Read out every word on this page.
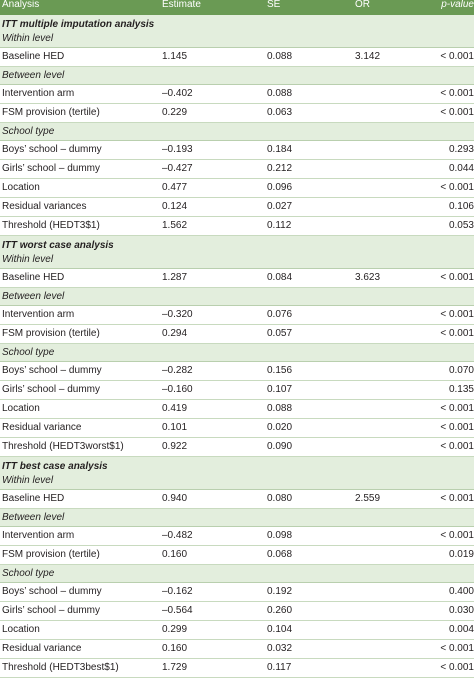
Analysis	Estimate	SE	OR	p-value
ITT multiple imputation analysis				
Within level				
Baseline HED	1.145	0.088	3.142	< 0.001
Between level				
Intervention arm	–0.402	0.088		< 0.001
FSM provision (tertile)	0.229	0.063		< 0.001
School type				
Boys’ school – dummy	–0.193	0.184		0.293
Girls’ school – dummy	–0.427	0.212		0.044
Location	0.477	0.096		< 0.001
Residual variances	0.124	0.027		0.106
Threshold (HEDT3$1)	1.562	0.112		0.053
ITT worst case analysis				
Within level				
Baseline HED	1.287	0.084	3.623	< 0.001
Between level				
Intervention arm	–0.320	0.076		< 0.001
FSM provision (tertile)	0.294	0.057		< 0.001
School type				
Boys’ school – dummy	–0.282	0.156		0.070
Girls’ school – dummy	–0.160	0.107		0.135
Location	0.419	0.088		< 0.001
Residual variance	0.101	0.020		< 0.001
Threshold (HEDT3worst$1)	0.922	0.090		< 0.001
ITT best case analysis				
Within level				
Baseline HED	0.940	0.080	2.559	< 0.001
Between level				
Intervention arm	–0.482	0.098		< 0.001
FSM provision (tertile)	0.160	0.068		0.019
School type				
Boys’ school – dummy	–0.162	0.192		0.400
Girls’ school – dummy	–0.564	0.260		0.030
Location	0.299	0.104		0.004
Residual variance	0.160	0.032		< 0.001
Threshold (HEDT3best$1)	1.729	0.117		< 0.001
